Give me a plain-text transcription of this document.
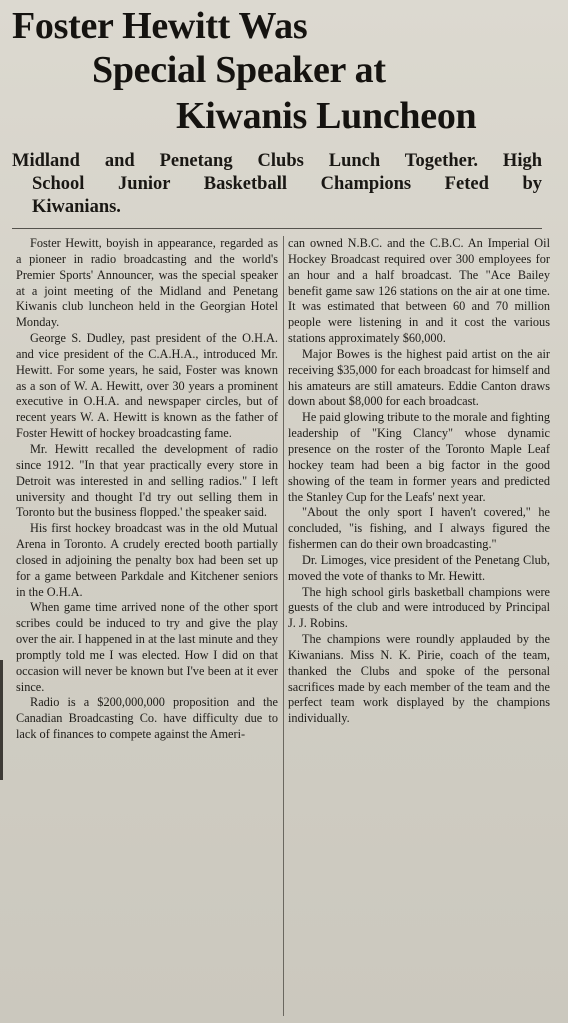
Foster Hewitt Was
Special Speaker at
Kiwanis Luncheon
Midland and Penetang Clubs Lunch Together. High
School Junior Basketball Champions Feted by
Kiwanians.

Foster Hewitt, boyish in appearance, regarded as a pioneer in radio broadcasting and the world's Premier Sports' Announcer, was the special speaker at a joint meeting of the Midland and Penetang Kiwanis club luncheon held in the Georgian Hotel Monday.

George S. Dudley, past president of the O.H.A. and vice president of the C.A.H.A., introduced Mr. Hewitt. For some years, he said, Foster was known as a son of W. A. Hewitt, over 30 years a prominent executive in O.H.A. and newspaper circles, but of recent years W. A. Hewitt is known as the father of Foster Hewitt of hockey broadcasting fame.

Mr. Hewitt recalled the development of radio since 1912. "In that year practically every store in Detroit was interested in and selling radios." I left university and thought I'd try out selling them in Toronto but the business flopped.' the speaker said.

His first hockey broadcast was in the old Mutual Arena in Toronto. A crudely erected booth partially closed in adjoining the penalty box had been set up for a game between Parkdale and Kitchener seniors in the O.H.A.

When game time arrived none of the other sport scribes could be induced to try and give the play over the air. I happened in at the last minute and they promptly told me I was elected. How I did on that occasion will never be known but I've been at it ever since.

Radio is a $200,000,000 proposition and the Canadian Broadcasting Co. have difficulty due to lack of finances to compete against the Ameri-

can owned N.B.C. and the C.B.C. An Imperial Oil Hockey Broadcast required over 300 employees for an hour and a half broadcast. The "Ace Bailey benefit game saw 126 stations on the air at one time. It was estimated that between 60 and 70 million people were listening in and it cost the various stations approximately $60,000.

Major Bowes is the highest paid artist on the air receiving $35,000 for each broadcast for himself and his amateurs are still amateurs. Eddie Canton draws down about $8,000 for each broadcast.

He paid glowing tribute to the morale and fighting leadership of "King Clancy" whose dynamic presence on the roster of the Toronto Maple Leaf hockey team had been a big factor in the good showing of the team in former years and predicted the Stanley Cup for the Leafs' next year.

"About the only sport I haven't covered," he concluded, "is fishing, and I always figured the fishermen can do their own broadcasting."

Dr. Limoges, vice president of the Penetang Club, moved the vote of thanks to Mr. Hewitt.

The high school girls basketball champions were guests of the club and were introduced by Principal J. J. Robins.

The champions were roundly applauded by the Kiwanians. Miss N. K. Pirie, coach of the team, thanked the Clubs and spoke of the personal sacrifices made by each member of the team and the perfect team work displayed by the champions individually.
